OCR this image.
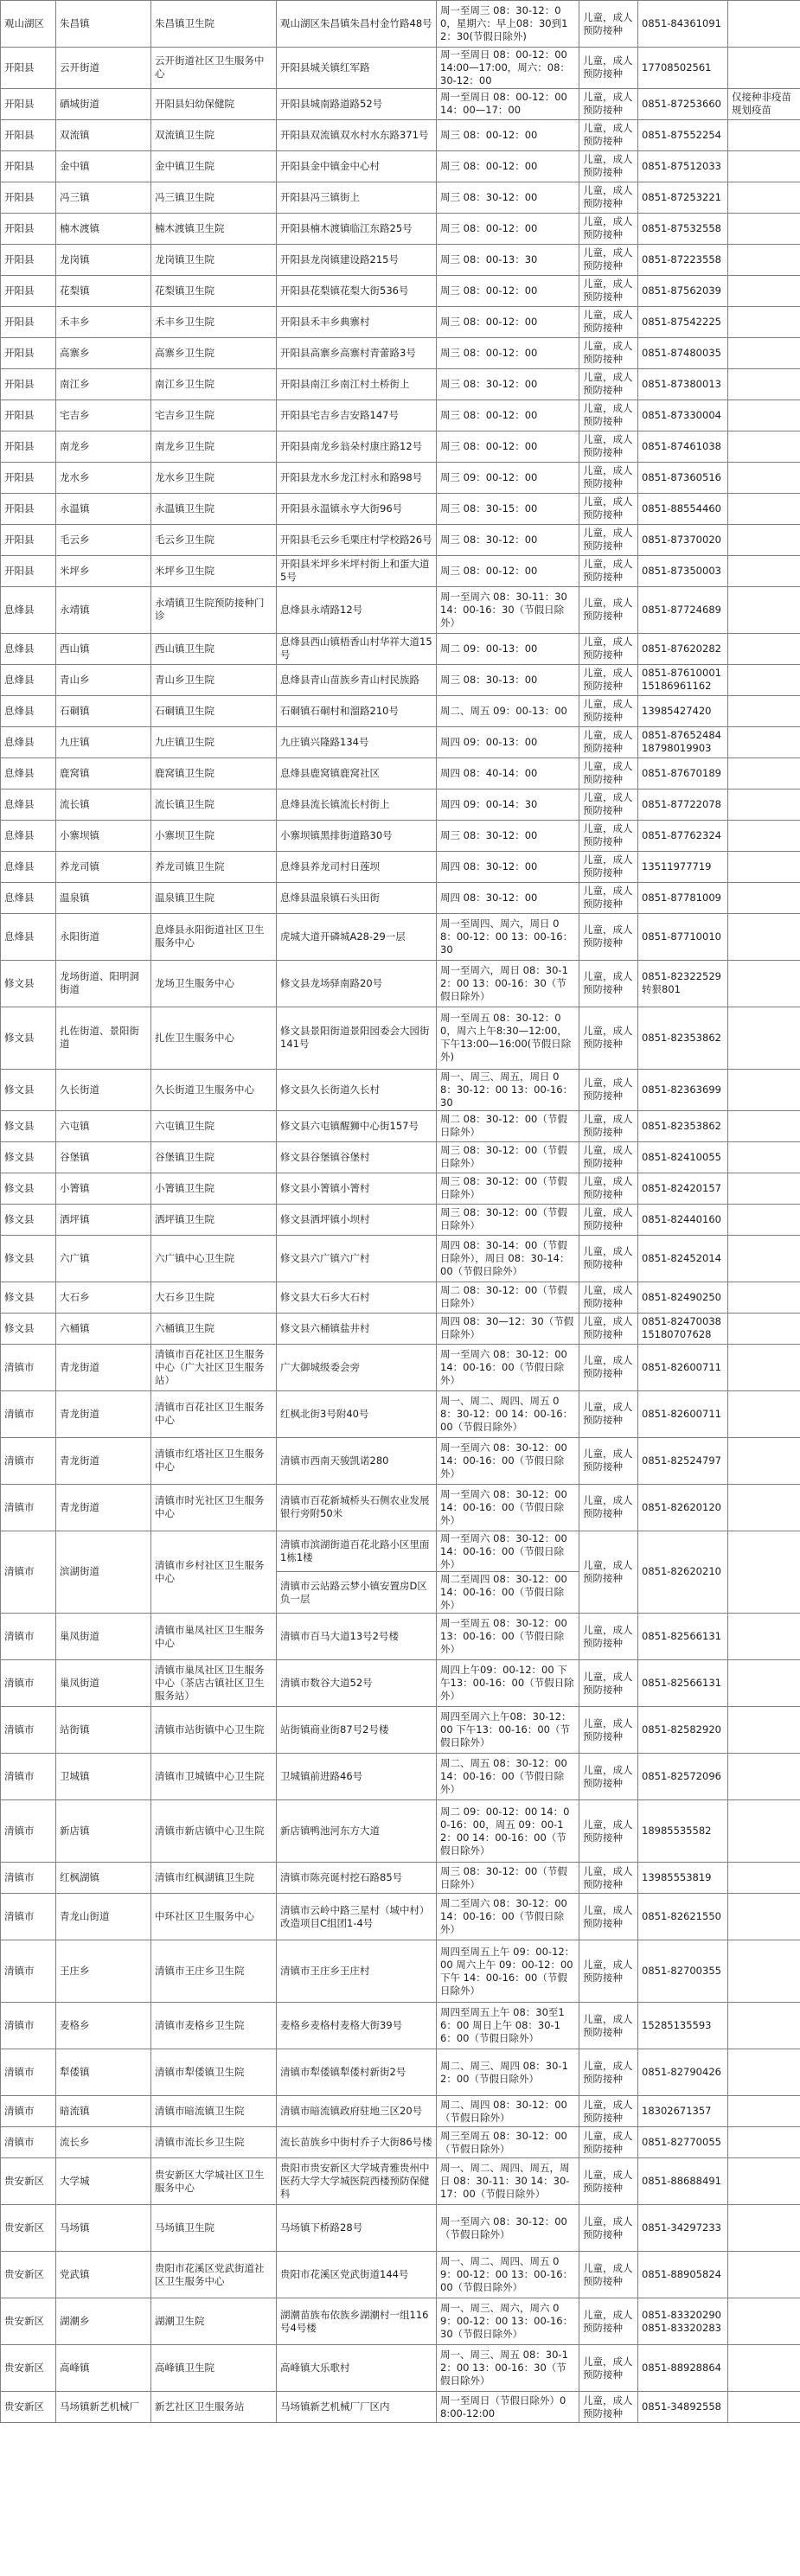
观山湖区	朱昌镇	朱昌镇卫生院	观山湖区朱昌镇朱昌村金竹路48号	周一至周三 08：30-12：00，星期六：早上08：30到12：30(节假日除外)	儿童，成人预防接种	0851-84361091	
开阳县	云开街道	云开街道社区卫生服务中心	开阳县城关镇红军路	周一至周日 08：00-12：00 14:00—17:00，周六：08：30-12：00	儿童，成人预防接种	17708502561	
开阳县	硒城街道	开阳县妇幼保健院	开阳县城南路道路52号	周一至周日 08：00-12：00 14：00—17：00	儿童，成人预防接种	0851-87253660	仅接种非疫苗规划疫苗
开阳县	双流镇	双流镇卫生院	开阳县双流镇双水村水东路371号	周三 08：00-12：00	儿童，成人预防接种	0851-87552254	
开阳县	金中镇	金中镇卫生院	开阳县金中镇金中心村	周三 08：00-12：00	儿童，成人预防接种	0851-87512033	
开阳县	冯三镇	冯三镇卫生院	开阳县冯三镇街上	周三 08：30-12：00	儿童，成人预防接种	0851-87253221	
开阳县	楠木渡镇	楠木渡镇卫生院	开阳县楠木渡镇临江东路25号	周三 08：00-12：00	儿童，成人预防接种	0851-87532558	
开阳县	龙岗镇	龙岗镇卫生院	开阳县龙岗镇建设路215号	周三 08：00-13：30	儿童，成人预防接种	0851-87223558	
开阳县	花梨镇	花梨镇卫生院	开阳县花梨镇花梨大街536号	周三 08：00-12：00	儿童，成人预防接种	0851-87562039	
开阳县	禾丰乡	禾丰乡卫生院	开阳县禾丰乡典寨村	周三 08：00-12：00	儿童，成人预防接种	0851-87542225	
开阳县	高寨乡	高寨乡卫生院	开阳县高寨乡高寨村青蕾路3号	周三 08：00-12：00	儿童，成人预防接种	0851-87480035	
开阳县	南江乡	南江乡卫生院	开阳县南江乡南江村土桥街上	周三 08：30-12：00	儿童，成人预防接种	0851-87380013	
开阳县	宅吉乡	宅吉乡卫生院	开阳县宅吉乡吉安路147号	周三 08：00-12：00	儿童，成人预防接种	0851-87330004	
开阳县	南龙乡	南龙乡卫生院	开阳县南龙乡翁朵村康庄路12号	周三 08：00-12：00	儿童，成人预防接种	0851-87461038	
开阳县	龙水乡	龙水乡卫生院	开阳县龙水乡龙江村永和路98号	周三 09：00-12：00	儿童，成人预防接种	0851-87360516	
开阳县	永温镇	永温镇卫生院	开阳县永温镇永亨大街96号	周三 08：30-15：00	儿童，成人预防接种	0851-88554460	
开阳县	毛云乡	毛云乡卫生院	开阳县毛云乡毛栗庄村学校路26号	周三 08：30-12：00	儿童，成人预防接种	0851-87370020	
开阳县	米坪乡	米坪乡卫生院	开阳县米坪乡米坪村街上和蛋大道5号	周三 08：00-12：00	儿童，成人预防接种	0851-87350003	
息烽县	永靖镇	永靖镇卫生院预防接种门诊	息烽县永靖路12号	周一至周六 08：30-11：30 14：00-16：30（节假日除外）	儿童，成人预防接种	0851-87724689	
息烽县	西山镇	西山镇卫生院	息烽县西山镇梧香山村华祥大道15号	周二 09：00-13：00	儿童，成人预防接种	0851-87620282	
息烽县	青山乡	青山乡卫生院	息烽县青山苗族乡青山村民族路	周三 08：30-13：00	儿童，成人预防接种	0851-87610001 15186961162	
息烽县	石硐镇	石硐镇卫生院	石硐镇石硐村和溜路210号	周二、周五 09：00-13：00	儿童，成人预防接种	13985427420	
息烽县	九庄镇	九庄镇卫生院	九庄镇兴隆路134号	周四 09：00-13：00	儿童，成人预防接种	0851-87652484 18798019903	
息烽县	鹿窝镇	鹿窝镇卫生院	息烽县鹿窝镇鹿窝社区	周四 08：40-14：00	儿童，成人预防接种	0851-87670189	
息烽县	流长镇	流长镇卫生院	息烽县流长镇流长村街上	周四 09：00-14：30	儿童，成人预防接种	0851-87722078	
息烽县	小寨坝镇	小寨坝卫生院	小寨坝镇黑排街道路30号	周三 08：30-12：00	儿童，成人预防接种	0851-87762324	
息烽县	养龙司镇	养龙司镇卫生院	息烽县养龙司村日莲坝	周四 08：30-12：00	儿童，成人预防接种	13511977719	
息烽县	温泉镇	温泉镇卫生院	息烽县温泉镇石头田街	周四 08：30-12：00	儿童，成人预防接种	0851-87781009	
息烽县	永阳街道	息烽县永阳街道社区卫生服务中心	虎城大道开磷城A28-29一层	周一至周四、周六，周日 08：00-12：00 13：00-16：30	儿童，成人预防接种	0851-87710010	
修文县	龙场街道、阳明洞街道	龙场卫生服务中心	修文县龙场驿南路20号	周一至周六，周日 08：30-12：00 13：00-16：30（节假日除外）	儿童，成人预防接种	0851-82322529 转狠801	
修文县	扎佐街道、景阳街道	扎佐卫生服务中心	修文县景阳街道景阳园委会大园街141号	周一至周五 08：30-12：00，周六上午8:30—12:00，下午13:00—16:00(节假日除外)	儿童，成人预防接种	0851-82353862	
修文县	久长街道	久长街道卫生服务中心	修文县久长街道久长村	周一、周三、周五，周日 08：30-12：00 13：00-16：30	儿童，成人预防接种	0851-82363699	
修文县	六屯镇	六屯镇卫生院	修文县六屯镇醒狮中心街157号	周二 08：30-12：00（节假日除外）	儿童，成人预防接种	0851-82353862	
修文县	谷堡镇	谷堡镇卫生院	修文县谷堡镇谷堡村	周三 08：30-12：00（节假日除外）	儿童，成人预防接种	0851-82410055	
修文县	小箐镇	小箐镇卫生院	修文县小箐镇小箐村	周三 08：30-12：00（节假日除外）	儿童，成人预防接种	0851-82420157	
修文县	洒坪镇	洒坪镇卫生院	修文县洒坪镇小坝村	周三 08：30-12：00（节假日除外）	儿童，成人预防接种	0851-82440160	
修文县	六广镇	六广镇中心卫生院	修文县六广镇六广村	周四 08：30-14：00（节假日除外），周日 08：30-14：00（节假日除外）	儿童，成人预防接种	0851-82452014	
修文县	大石乡	大石乡卫生院	修文县大石乡大石村	周二 08：30-12：00（节假日除外）	儿童，成人预防接种	0851-82490250	
修文县	六桶镇	六桶镇卫生院	修文县六桶镇盐井村	周四 08：30—12：30（节假日除外）	儿童，成人预防接种	0851-82470038 15180707628	
清镇市	青龙街道	清镇市百花社区卫生服务中心（广大社区卫生服务站）	广大御城级委会旁	周一至周六 08：30-12：00 14：00-16：00（节假日除外）	儿童，成人预防接种	0851-82600711	
清镇市	青龙街道	清镇市百花社区卫生服务中心	红枫北街3号附40号	周一、周二、周四、周五 08：30-12：00 14：00-16：00（节假日除外）	儿童，成人预防接种	0851-82600711	
清镇市	青龙街道	清镇市红塔社区卫生服务中心	清镇市西南天骏凯诺280	周一至周六 08：30-12：00 14：00-16：00（节假日除外）	儿童，成人预防接种	0851-82524797	
清镇市	青龙街道	清镇市时光社区卫生服务中心	清镇市百花新城桥头石侧农业发展银行旁附50米	周一至周六 08：30-12：00 14：00-16：00（节假日除外）	儿童，成人预防接种	0851-82620120	
清镇市	滨湖街道	清镇市乡村社区卫生服务中心	清镇市滨湖街道百花北路小区里面1栋1楼	周一至周六 08：30-12：00 14：00-16：00（节假日除外）	儿童，成人预防接种	0851-82620210	
			清镇市云站路云梦小镇安置房D区负一层	周二至周四 08：30-12：00 14：00-16：00（节假日除外）			
清镇市	巢凤街道	清镇市巢凤社区卫生服务中心	清镇市百马大道13号2号楼	周一至周五 08：30-12：00 13：00-16：00（节假日除外）	儿童，成人预防接种	0851-82566131	
清镇市	巢凤街道	清镇市巢凤社区卫生服务中心（茶店古镇社区卫生服务站）	清镇市数谷大道52号	周四上午09：00-12：00 下午13：00-16：00（节假日除外）	儿童，成人预防接种	0851-82566131	
清镇市	站街镇	清镇市站街镇中心卫生院	站街镇商业街87号2号楼	周四至周六上午08：30-12：00 下午13：00-16：00（节假日除外）	儿童，成人预防接种	0851-82582920	
清镇市	卫城镇	清镇市卫城镇中心卫生院	卫城镇前进路46号	周二、周五 08：30-12：00 14：00-16：00（节假日除外）	儿童，成人预防接种	0851-82572096	
清镇市	新店镇	清镇市新店镇中心卫生院	新店镇鸭池河东方大道	周二 09：00-12：00 14：00-16：00，周五 09：00-12：00 14：00-16：00（节假日除外）	儿童，成人预防接种	18985535582	
清镇市	红枫湖镇	清镇市红枫湖镇卫生院	清镇市陈亮诞村挖石路85号	周三 08：30-12：00（节假日除外）	儿童，成人预防接种	13985553819	
清镇市	青龙山街道	中环社区卫生服务中心	清镇市云岭中路三星村（城中村）改造项目C组团1-4号	周二至周六 08：30-12：00 14：00-16：00（节假日除外）	儿童，成人预防接种	0851-82621550	
清镇市	王庄乡	清镇市王庄乡卫生院	清镇市王庄乡王庄村	周四至周五上午 09：00-12：00 周六上午 09：00-12：00 下午 14：00-16：00（节假日除外）	儿童，成人预防接种	0851-82700355	
清镇市	麦格乡	清镇市麦格乡卫生院	麦格乡麦格村麦格大街39号	周四至周五上午 08：30至16：00 周日上午 08：30-16：00（节假日除外）	儿童，成人预防接种	15285135593	
清镇市	犁倭镇	清镇市犁倭镇卫生院	清镇市犁倭镇犁倭村新街2号	周二、周三、周四 08：30-12：00（节假日除外）	儿童，成人预防接种	0851-82790426	
清镇市	暗流镇	清镇市暗流镇卫生院	清镇市暗流镇政府驻地三区20号	周二、周四 08：30-12：00（节假日除外）	儿童，成人预防接种	18302671357	
清镇市	流长乡	清镇市流长乡卫生院	流长苗族乡中街村乔子大街86号楼	周三至周五 08：30-12：00（节假日除外）	儿童，成人预防接种	0851-82770055	
贵安新区	大学城	贵安新区大学城社区卫生服务中心	贵阳市贵安新区大学城青雅贵州中医药大学大学城医院西楼预防保健科	周一、周二、周四、周五，周日 08：30-11：30 14：30-17：00（节假日除外）	儿童，成人预防接种	0851-88688491	
贵安新区	马场镇	马场镇卫生院	马场镇下桥路28号	周一至周六 08：30-12：00（节假日除外）	儿童，成人预防接种	0851-34297233	
贵安新区	党武镇	贵阳市花溪区党武街道社区卫生服务中心	贵阳市花溪区党武街道144号	周一、周二、周四、周五 09：00-12：00 13：00-16：00（节假日除外）	儿童，成人预防接种	0851-88905824	
贵安新区	湖潮乡	湖潮卫生院	湖潮苗族布依族乡湖潮村一组116号4号楼	周一、周三、周六，周六 09：00-12：00 13：00-16：30（节假日除外）	儿童，成人预防接种	0851-83320290 0851-83320283	
贵安新区	高峰镇	高峰镇卫生院	高峰镇大乐歌村	周一、周三、周五 08：30-12：00 13：00-16：30（节假日除外）	儿童，成人预防接种	0851-88928864	
贵安新区	马场镇新艺机械厂	新艺社区卫生服务站	马场镇新艺机械厂厂区内	周一至周日（节假日除外）08:00-12:00	儿童，成人预防接种	0851-34892558	
